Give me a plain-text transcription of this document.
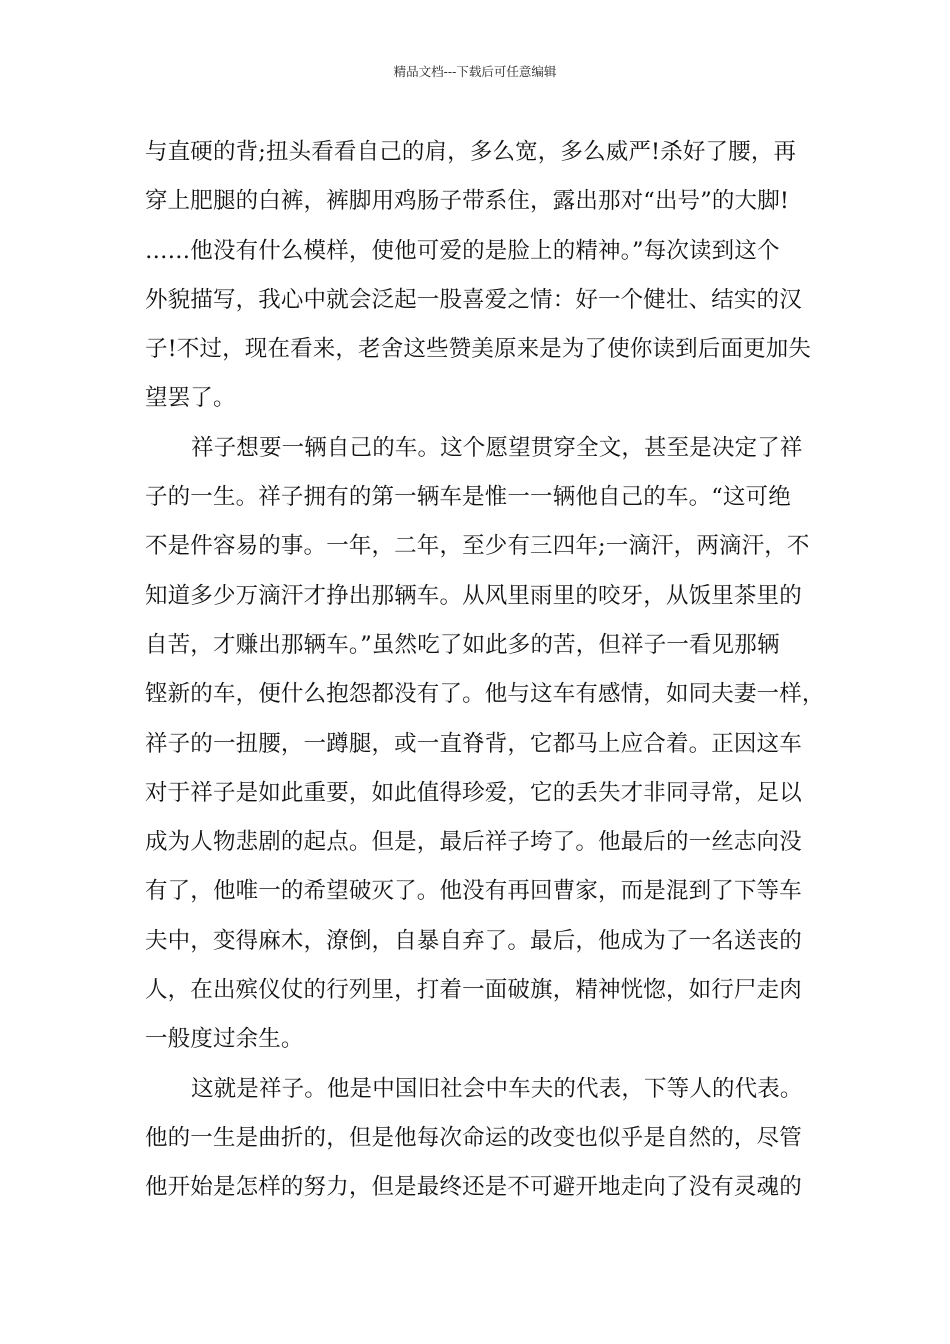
精品文档---下载后可任意编辑
与直硬的背;扭头看看自己的肩，多么宽，多么威严!杀好了腰，再
穿上肥腿的白裤，裤脚用鸡肠子带系住，露出那对“出号”的大脚!
……他没有什么模样，使他可爱的是脸上的精神。”每次读到这个
外貌描写，我心中就会泛起一股喜爱之情：好一个健壮、结实的汉
子!不过，现在看来，老舍这些赞美原来是为了使你读到后面更加失
望罢了。
祥子想要一辆自己的车。这个愿望贯穿全文，甚至是决定了祥
子的一生。祥子拥有的第一辆车是惟一一辆他自己的车。“这可绝
不是件容易的事。一年，二年，至少有三四年;一滴汗，两滴汗，不
知道多少万滴汗才挣出那辆车。从风里雨里的咬牙，从饭里茶里的
自苦，才赚出那辆车。”虽然吃了如此多的苦，但祥子一看见那辆
铿新的车，便什么抱怨都没有了。他与这车有感情，如同夫妻一样，
祥子的一扭腰，一蹲腿，或一直脊背，它都马上应合着。正因这车
对于祥子是如此重要，如此值得珍爱，它的丢失才非同寻常，足以
成为人物悲剧的起点。但是，最后祥子垮了。他最后的一丝志向没
有了，他唯一的希望破灭了。他没有再回曹家，而是混到了下等车
夫中，变得麻木，潦倒，自暴自弃了。最后，他成为了一名送丧的
人，在出殡仪仗的行列里，打着一面破旗，精神恍惚，如行尸走肉
一般度过余生。
这就是祥子。他是中国旧社会中车夫的代表，下等人的代表。
他的一生是曲折的，但是他每次命运的改变也似乎是自然的，尽管
他开始是怎样的努力，但是最终还是不可避开地走向了没有灵魂的
